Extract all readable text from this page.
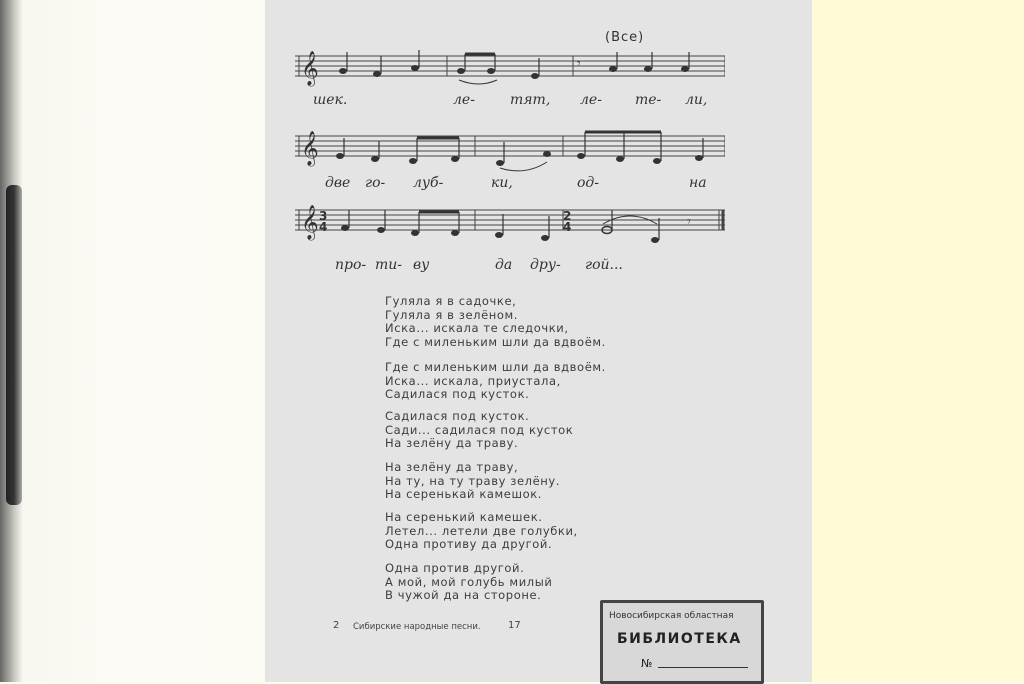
(Все)
𝄞	𝄾
𝄞
𝄞 3
4
2
4	𝄾
шек.	ле-	тят, ле- те- ли,
две го- луб-	ки,	од-	на
про- ти- ву	да дру- гой...
Гуляла я в садочке,
Гуляла я в зелёном.
Иска... искала те следочки,
Где с миленьким шли да вдвоём.
Где с миленьким шли да вдвоём.
Иска... искала, приустала,
Садилася под кусток.
Садилася под кусток.
Сади... садилася под кусток
На зелёну да траву.
На зелёну да траву,
На ту, на ту траву зелёну.
На серенькай камешок.
На серенький камешек.
Летел... летели две голубки,
Одна противу да другой.
Одна против другой.
А мой, мой голубь милый
В чужой да на стороне.
2 Сибирские народные песни.	17
Новосибирская областная
БИБЛИОТЕКА
№
